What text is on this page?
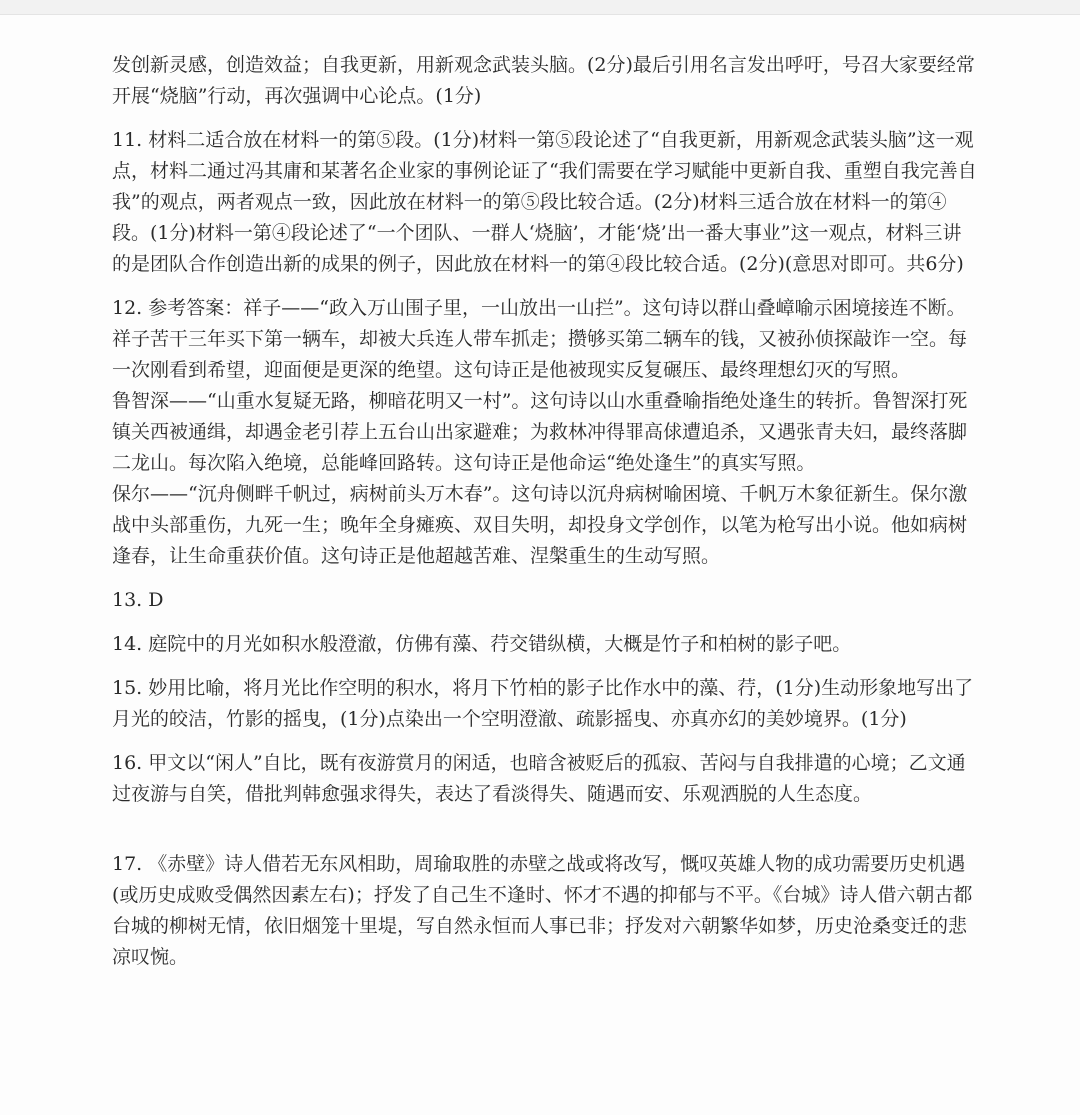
发创新灵感，创造效益；自我更新，用新观念武装头脑。(2分)最后引用名言发出呼吁，号召大家要经常开展“烧脑”行动，再次强调中心论点。(1分)

11. 材料二适合放在材料一的第⑤段。(1分)材料一第⑤段论述了“自我更新，用新观念武装头脑”这一观点，材料二通过冯其庸和某著名企业家的事例论证了“我们需要在学习赋能中更新自我、重塑自我完善自我”的观点，两者观点一致，因此放在材料一的第⑤段比较合适。(2分)材料三适合放在材料一的第④段。(1分)材料一第④段论述了“一个团队、一群人‘烧脑’，才能‘烧’出一番大事业”这一观点，材料三讲的是团队合作创造出新的成果的例子，因此放在材料一的第④段比较合适。(2分)(意思对即可。共6分)

12. 参考答案：祥子——“政入万山围子里，一山放出一山拦”。这句诗以群山叠嶂喻示困境接连不断。祥子苦干三年买下第一辆车，却被大兵连人带车抓走；攒够买第二辆车的钱，又被孙侦探敲诈一空。每一次刚看到希望，迎面便是更深的绝望。这句诗正是他被现实反复碾压、最终理想幻灭的写照。

鲁智深——“山重水复疑无路，柳暗花明又一村”。这句诗以山水重叠喻指绝处逢生的转折。鲁智深打死镇关西被通缉，却遇金老引荐上五台山出家避难；为救林冲得罪高俅遭追杀，又遇张青夫妇，最终落脚二龙山。每次陷入绝境，总能峰回路转。这句诗正是他命运“绝处逢生”的真实写照。

保尔——“沉舟侧畔千帆过，病树前头万木春”。这句诗以沉舟病树喻困境、千帆万木象征新生。保尔激战中头部重伤，九死一生；晚年全身瘫痪、双目失明，却投身文学创作，以笔为枪写出小说。他如病树逢春，让生命重获价值。这句诗正是他超越苦难、涅槃重生的生动写照。

13. D

14. 庭院中的月光如积水般澄澈，仿佛有藻、荇交错纵横，大概是竹子和柏树的影子吧。

15. 妙用比喻，将月光比作空明的积水，将月下竹柏的影子比作水中的藻、荇，(1分)生动形象地写出了月光的皎洁，竹影的摇曳，(1分)点染出一个空明澄澈、疏影摇曳、亦真亦幻的美妙境界。(1分)

16. 甲文以“闲人”自比，既有夜游赏月的闲适，也暗含被贬后的孤寂、苦闷与自我排遣的心境；乙文通过夜游与自笑，借批判韩愈强求得失，表达了看淡得失、随遇而安、乐观洒脱的人生态度。

17. 《赤壁》诗人借若无东风相助，周瑜取胜的赤壁之战或将改写，慨叹英雄人物的成功需要历史机遇(或历史成败受偶然因素左右)；抒发了自己生不逢时、怀才不遇的抑郁与不平。《台城》诗人借六朝古都台城的柳树无情，依旧烟笼十里堤，写自然永恒而人事已非；抒发对六朝繁华如梦，历史沧桑变迁的悲凉叹惋。
